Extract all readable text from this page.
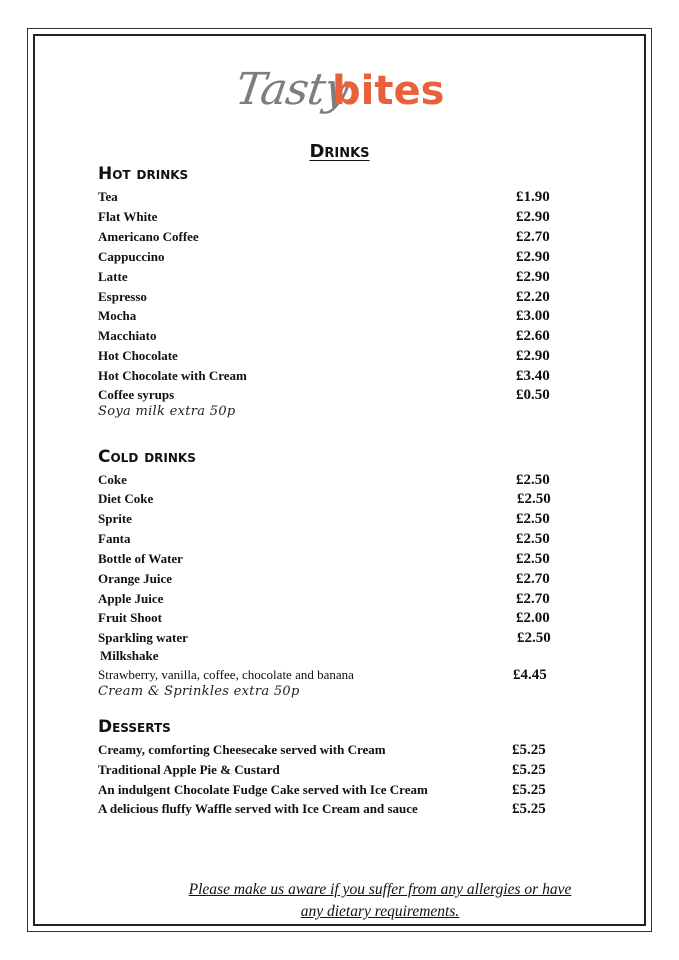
Tasty
bites
Drinks
Hot drinks
Tea	£1.90
Flat White	£2.90
Americano Coffee	£2.70
Cappuccino	£2.90
Latte	£2.90
Espresso	£2.20
Mocha	£3.00
Macchiato	£2.60
Hot Chocolate	£2.90
Hot Chocolate with Cream	£3.40
Coffee syrups	£0.50
Soya milk extra 50p
Cold drinks
Coke	£2.50
Diet Coke	£2.50
Sprite	£2.50
Fanta	£2.50
Bottle of Water	£2.50
Orange Juice	£2.70
Apple Juice	£2.70
Fruit Shoot	£2.00
Sparkling water	£2.50
Milkshake
Strawberry, vanilla, coffee, chocolate and banana	£4.45
Cream & Sprinkles extra 50p
Desserts
Creamy, comforting Cheesecake served with Cream	£5.25
Traditional Apple Pie & Custard	£5.25
An indulgent Chocolate Fudge Cake served with Ice Cream	£5.25
A delicious fluffy Waffle served with Ice Cream and sauce	£5.25
Please make us aware if you suffer from any allergies or have
any dietary requirements.
